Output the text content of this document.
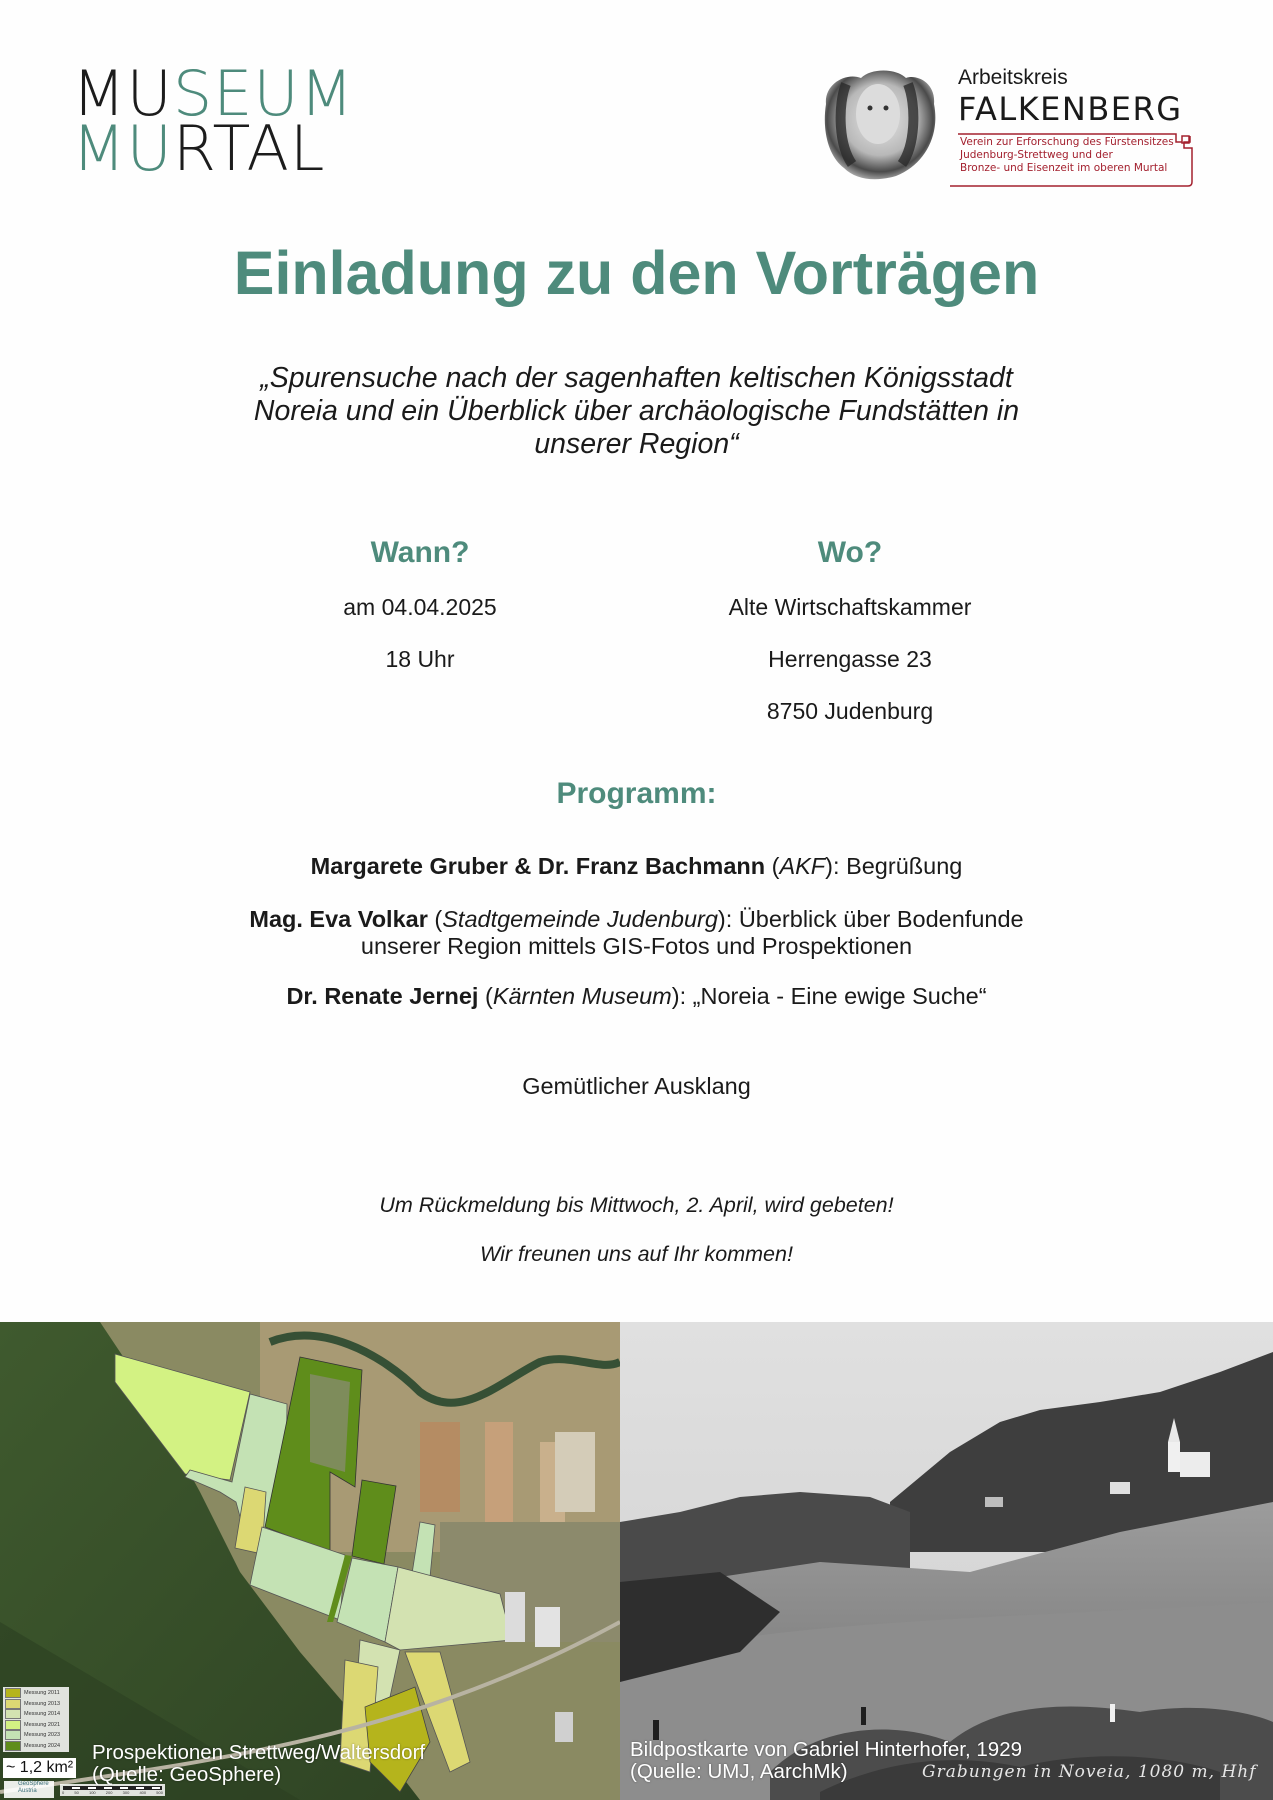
MUSEUM
MURTAL
Arbeitskreis
FALKENBERG
Verein zur Erforschung des Fürstensitzes
Judenburg-Strettweg und der
Bronze- und Eisenzeit im oberen Murtal
Einladung zu den Vorträgen
„Spurensuche nach der sagenhaften keltischen Königsstadt
Noreia und ein Überblick über archäologische Fundstätten in
unserer Region“
Wann?
am 04.04.2025
18 Uhr
Wo?
Alte Wirtschaftskammer
Herrengasse 23
8750 Judenburg
Programm:
Margarete Gruber & Dr. Franz Bachmann (AKF): Begrüßung
Mag. Eva Volkar (Stadtgemeinde Judenburg): Überblick über Bodenfunde
unserer Region mittels GIS-Fotos und Prospektionen
Dr. Renate Jernej (Kärnten Museum): „Noreia - Eine ewige Suche“
Gemütlicher Ausklang
Um Rückmeldung bis Mittwoch, 2. April, wird gebeten!
Wir freunen uns auf Ihr kommen!
Messung 2011
Messung 2013
Messung 2014
Messung 2021
Messung 2023
Messung 2024
~ 1,2 km²
GeoSphere Austria	0	50	100	200	300	400	500
Prospektionen Strettweg/Waltersdorf
(Quelle: GeoSphere)
Bildpostkarte von Gabriel Hinterhofer, 1929
(Quelle: UMJ, AarchMk)	Grabungen in Noveia, 1080 m, Hhf
